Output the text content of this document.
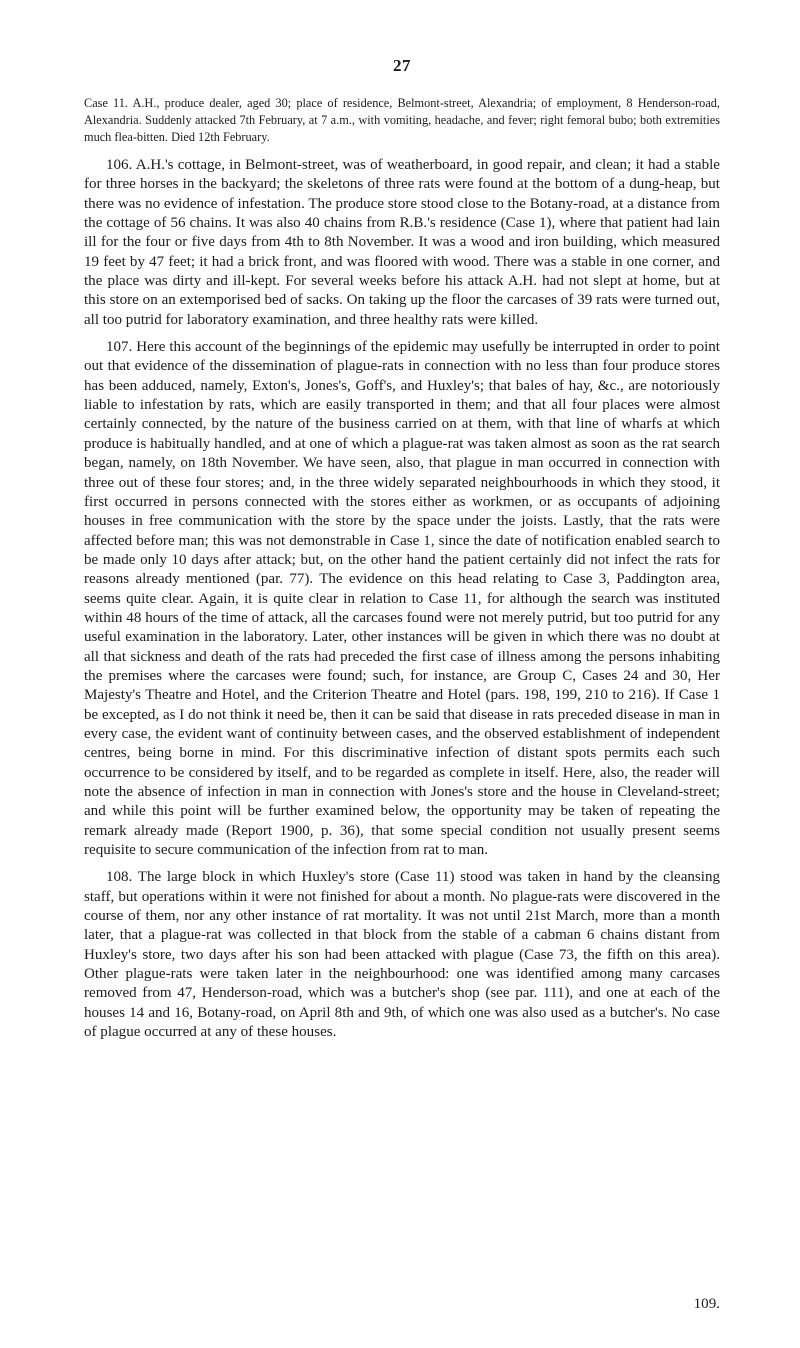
27
Case 11. A.H., produce dealer, aged 30; place of residence, Belmont-street, Alexandria; of employment, 8 Henderson-road, Alexandria. Suddenly attacked 7th February, at 7 a.m., with vomiting, headache, and fever; right femoral bubo; both extremities much flea-bitten. Died 12th February.

106. A.H.'s cottage, in Belmont-street, was of weatherboard, in good repair, and clean; it had a stable for three horses in the backyard; the skeletons of three rats were found at the bottom of a dung-heap, but there was no evidence of infestation. The produce store stood close to the Botany-road, at a distance from the cottage of 56 chains. It was also 40 chains from R.B.'s residence (Case 1), where that patient had lain ill for the four or five days from 4th to 8th November. It was a wood and iron building, which measured 19 feet by 47 feet; it had a brick front, and was floored with wood. There was a stable in one corner, and the place was dirty and ill-kept. For several weeks before his attack A.H. had not slept at home, but at this store on an extemporised bed of sacks. On taking up the floor the carcases of 39 rats were turned out, all too putrid for laboratory examination, and three healthy rats were killed.

107. Here this account of the beginnings of the epidemic may usefully be interrupted in order to point out that evidence of the dissemination of plague-rats in connection with no less than four produce stores has been adduced, namely, Exton's, Jones's, Goff's, and Huxley's; that bales of hay, &c., are notoriously liable to infestation by rats, which are easily transported in them; and that all four places were almost certainly connected, by the nature of the business carried on at them, with that line of wharfs at which produce is habitually handled, and at one of which a plague-rat was taken almost as soon as the rat search began, namely, on 18th November. We have seen, also, that plague in man occurred in connection with three out of these four stores; and, in the three widely separated neighbourhoods in which they stood, it first occurred in persons connected with the stores either as workmen, or as occupants of adjoining houses in free communication with the store by the space under the joists. Lastly, that the rats were affected before man; this was not demonstrable in Case 1, since the date of notification enabled search to be made only 10 days after attack; but, on the other hand the patient certainly did not infect the rats for reasons already mentioned (par. 77). The evidence on this head relating to Case 3, Paddington area, seems quite clear. Again, it is quite clear in relation to Case 11, for although the search was instituted within 48 hours of the time of attack, all the carcases found were not merely putrid, but too putrid for any useful examination in the laboratory. Later, other instances will be given in which there was no doubt at all that sickness and death of the rats had preceded the first case of illness among the persons inhabiting the premises where the carcases were found; such, for instance, are Group C, Cases 24 and 30, Her Majesty's Theatre and Hotel, and the Criterion Theatre and Hotel (pars. 198, 199, 210 to 216). If Case 1 be excepted, as I do not think it need be, then it can be said that disease in rats preceded disease in man in every case, the evident want of continuity between cases, and the observed establishment of independent centres, being borne in mind. For this discriminative infection of distant spots permits each such occurrence to be considered by itself, and to be regarded as complete in itself. Here, also, the reader will note the absence of infection in man in connection with Jones's store and the house in Cleveland-street; and while this point will be further examined below, the opportunity may be taken of repeating the remark already made (Report 1900, p. 36), that some special condition not usually present seems requisite to secure communication of the infection from rat to man.

108. The large block in which Huxley's store (Case 11) stood was taken in hand by the cleansing staff, but operations within it were not finished for about a month. No plague-rats were discovered in the course of them, nor any other instance of rat mortality. It was not until 21st March, more than a month later, that a plague-rat was collected in that block from the stable of a cabman 6 chains distant from Huxley's store, two days after his son had been attacked with plague (Case 73, the fifth on this area). Other plague-rats were taken later in the neighbourhood: one was identified among many carcases removed from 47, Henderson-road, which was a butcher's shop (see par. 111), and one at each of the houses 14 and 16, Botany-road, on April 8th and 9th, of which one was also used as a butcher's. No case of plague occurred at any of these houses.

109.
